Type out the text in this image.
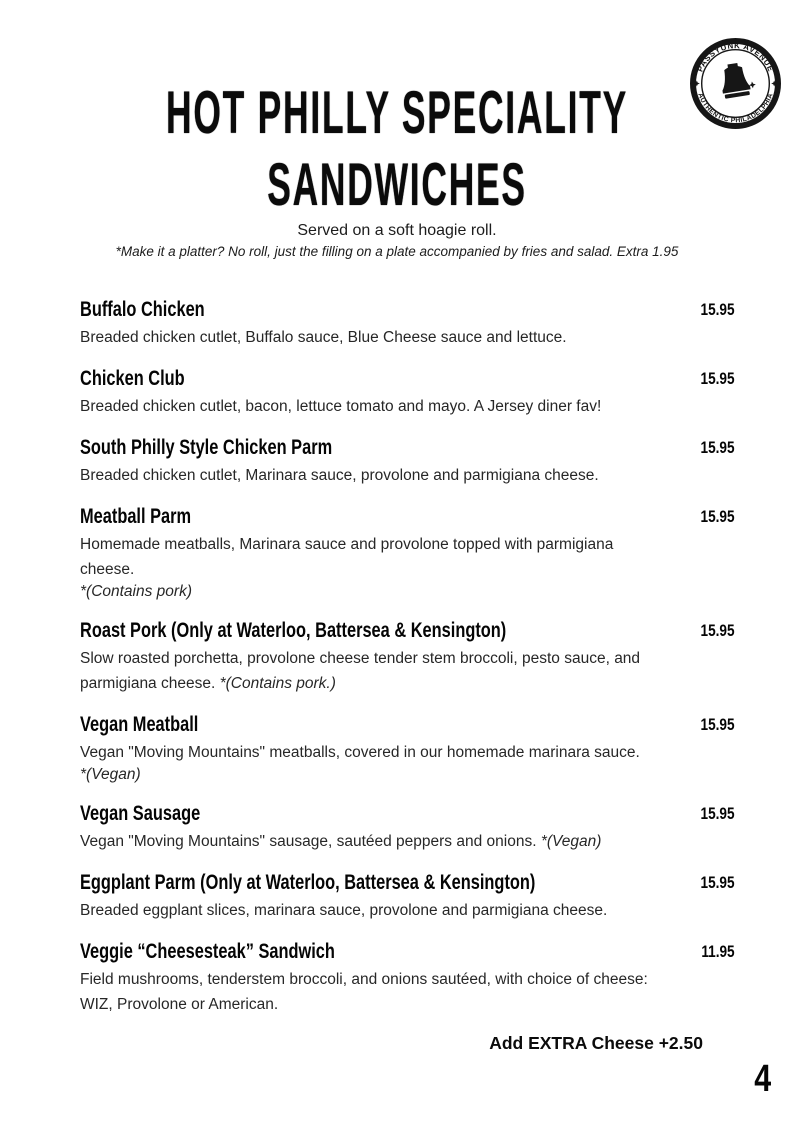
PASSYUNK AVENUE
AUTHENTIC PHILADELPHIA
HOT PHILLY SPECIALITY
SANDWICHES
Served on a soft hoagie roll.
*Make it a platter? No roll, just the filling on a plate accompanied by fries and salad. Extra 1.95
Buffalo Chicken	15.95
Breaded chicken cutlet, Buffalo sauce, Blue Cheese sauce and lettuce.
Chicken Club	15.95
Breaded chicken cutlet, bacon, lettuce tomato and mayo. A Jersey diner fav!
South Philly Style Chicken Parm	15.95
Breaded chicken cutlet, Marinara sauce, provolone and parmigiana cheese.
Meatball Parm	15.95
Homemade meatballs, Marinara sauce and provolone topped with parmigiana cheese.
*(Contains pork)
Roast Pork (Only at Waterloo, Battersea & Kensington)	15.95
Slow roasted porchetta, provolone cheese tender stem broccoli, pesto sauce, and parmigiana cheese. *(Contains pork.)
Vegan Meatball	15.95
Vegan "Moving Mountains" meatballs, covered in our homemade marinara sauce.
*(Vegan)
Vegan Sausage	15.95
Vegan "Moving Mountains" sausage, sautéed peppers and onions. *(Vegan)
Eggplant Parm (Only at Waterloo, Battersea & Kensington)	15.95
Breaded eggplant slices, marinara sauce, provolone and parmigiana cheese.
Veggie “Cheesesteak” Sandwich	11.95
Field mushrooms, tenderstem broccoli, and onions sautéed, with choice of cheese: WIZ, Provolone or American.
Add EXTRA Cheese +2.50
4
